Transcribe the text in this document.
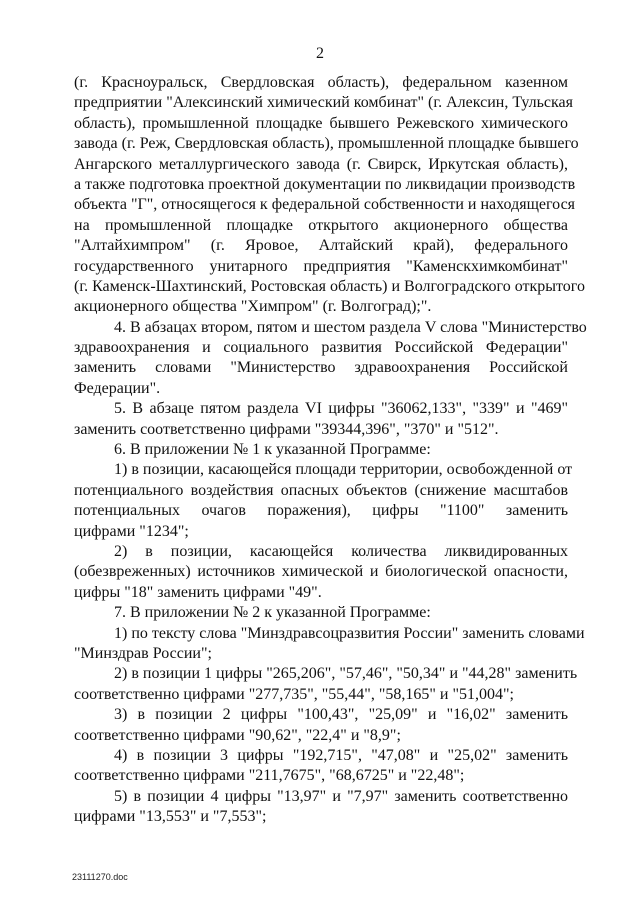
2
(г. Красноуральск, Свердловская область), федеральном казенном
предприятии "Алексинский химический комбинат" (г. Алексин, Тульская
область), промышленной площадке бывшего Режевского химического
завода (г. Реж, Свердловская область), промышленной площадке бывшего
Ангарского металлургического завода (г. Свирск, Иркутская область),
а также подготовка проектной документации по ликвидации производств
объекта "Г", относящегося к федеральной собственности и находящегося
на промышленной площадке открытого акционерного общества
"Алтайхимпром" (г. Яровое, Алтайский край), федерального
государственного унитарного предприятия "Каменскхимкомбинат"
(г. Каменск-Шахтинский, Ростовская область) и Волгоградского открытого
акционерного общества "Химпром" (г. Волгоград);".
4. В абзацах втором, пятом и шестом раздела V слова "Министерство
здравоохранения и социального развития Российской Федерации"
заменить словами "Министерство здравоохранения Российской
Федерации".
5. В абзаце пятом раздела VI цифры "36062,133", "339" и "469"
заменить соответственно цифрами "39344,396", "370" и "512".
6. В приложении № 1 к указанной Программе:
1) в позиции, касающейся площади территории, освобожденной от
потенциального воздействия опасных объектов (снижение масштабов
потенциальных очагов поражения), цифры "1100" заменить
цифрами "1234";
2) в позиции, касающейся количества ликвидированных
(обезвреженных) источников химической и биологической опасности,
цифры "18" заменить цифрами "49".
7. В приложении № 2 к указанной Программе:
1) по тексту слова "Минздравсоцразвития России" заменить словами
"Минздрав России";
2) в позиции 1 цифры "265,206", "57,46", "50,34" и "44,28" заменить
соответственно цифрами "277,735", "55,44", "58,165" и "51,004";
3) в позиции 2 цифры "100,43", "25,09" и "16,02" заменить
соответственно цифрами "90,62", "22,4" и "8,9";
4) в позиции 3 цифры "192,715", "47,08" и "25,02" заменить
соответственно цифрами "211,7675", "68,6725" и "22,48";
5) в позиции 4 цифры "13,97" и "7,97" заменить соответственно
цифрами "13,553" и "7,553";
23111270.doc
